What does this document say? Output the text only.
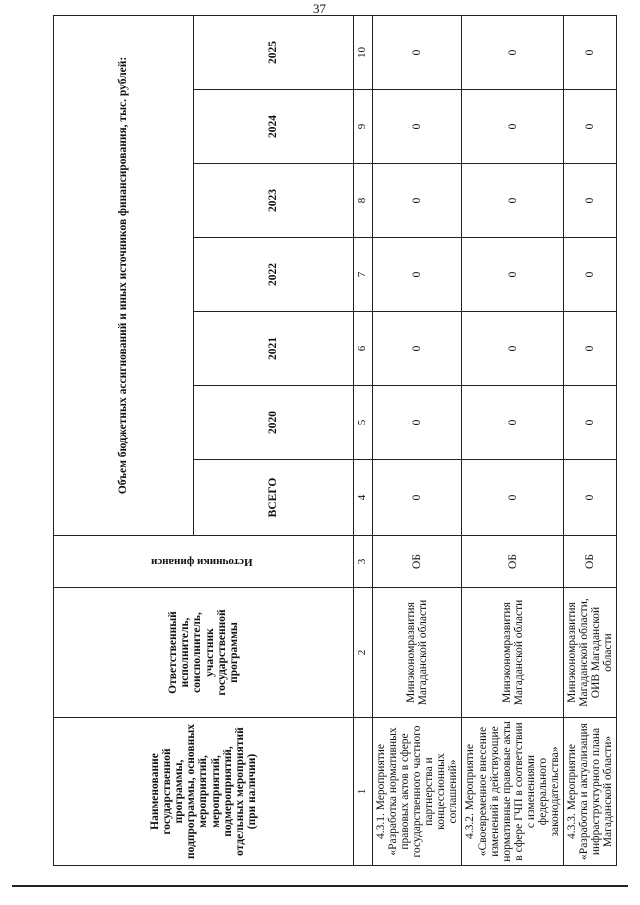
37
Наименование государственной программы, подпрограммы, основных мероприятий, мероприятий, подмероприятий, отдельных мероприятий (при наличии)	Ответственный исполнитель, соисполнитель, участник государственной программы	Источники финанси	Объем бюджетных ассигнований и иных источников финансирования, тыс. рублей:						
			ВСЕГО	2020	2021	2022	2023	2024	2025
1	2	3	4	5	6	7	8	9	10
4.3.1. Мероприятие «Разработка нормативных правовых актов в сфере государственного частного партнерства и концессионных соглашений»	Минэкономразвития Магаданской области	ОБ	0	0	0	0	0	0	0
4.3.2. Мероприятие «Своевременное внесение изменений в действующие нормативные правовые акты в сфере ГЧП в соответствии с изменениями федерального законодательства»	Минэкономразвития Магаданской области	ОБ	0	0	0	0	0	0	0
4.3.3. Мероприятие «Разработка и актуализация инфраструктурного плана Магаданской области»	Минэкономразвития Магаданской области, ОИВ Магаданской области	ОБ	0	0	0	0	0	0	0
